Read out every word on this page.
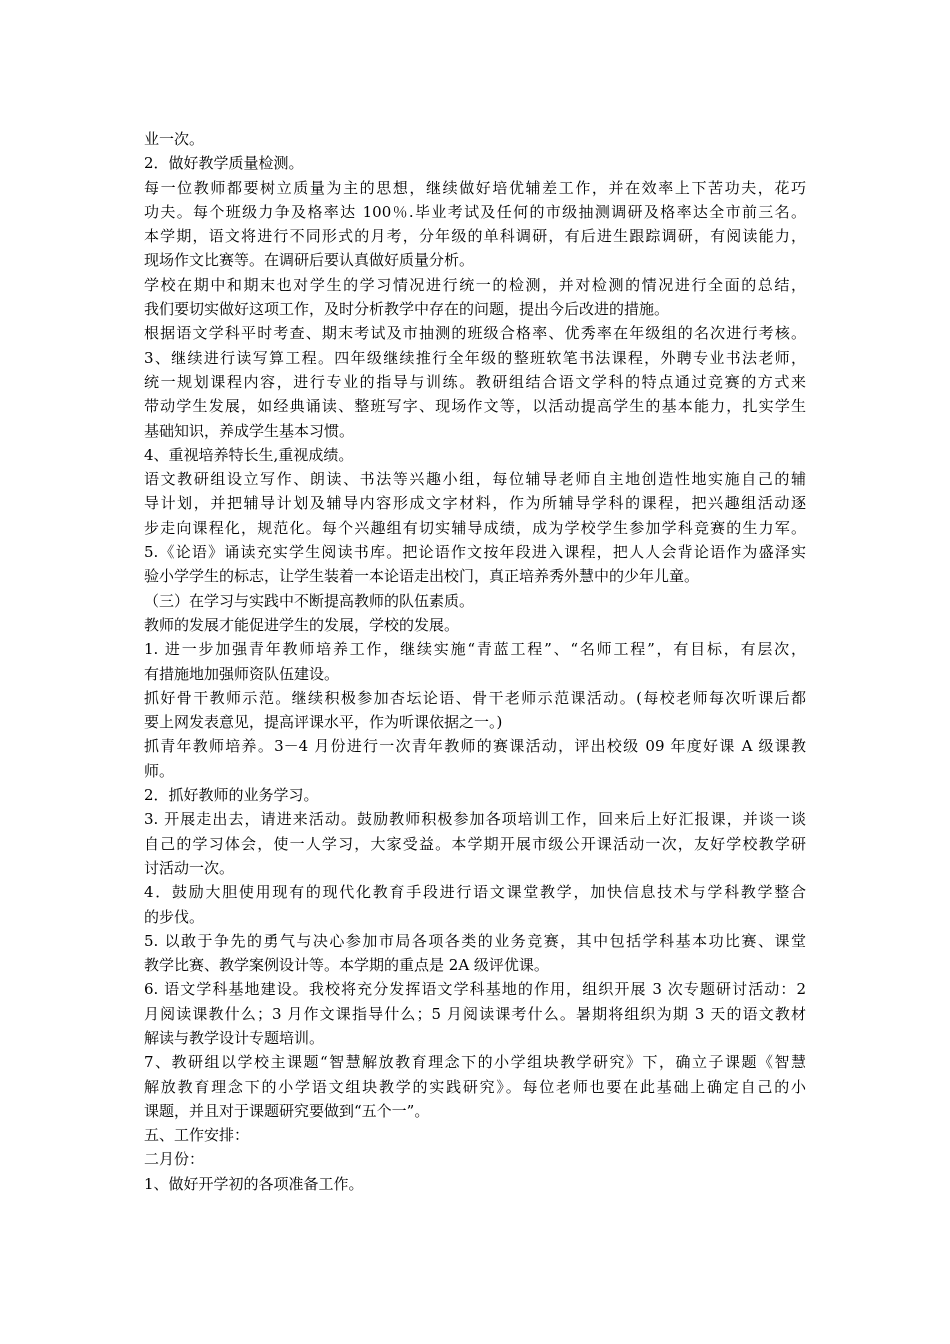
业一次。
2．做好教学质量检测。
每一位教师都要树立质量为主的思想，继续做好培优辅差工作，并在效率上下苦功夫，花巧
功夫。每个班级力争及格率达 100％.毕业考试及任何的市级抽测调研及格率达全市前三名。
本学期，语文将进行不同形式的月考，分年级的单科调研，有后进生跟踪调研，有阅读能力，
现场作文比赛等。在调研后要认真做好质量分析。
学校在期中和期末也对学生的学习情况进行统一的检测，并对检测的情况进行全面的总结，
我们要切实做好这项工作，及时分析教学中存在的问题，提出今后改进的措施。
根据语文学科平时考查、期末考试及市抽测的班级合格率、优秀率在年级组的名次进行考核。
3、继续进行读写算工程。四年级继续推行全年级的整班软笔书法课程，外聘专业书法老师，
统一规划课程内容，进行专业的指导与训练。教研组结合语文学科的特点通过竞赛的方式来
带动学生发展，如经典诵读、整班写字、现场作文等，以活动提高学生的基本能力，扎实学生
基础知识，养成学生基本习惯。
4、重视培养特长生,重视成绩。
语文教研组设立写作、朗读、书法等兴趣小组，每位辅导老师自主地创造性地实施自己的辅
导计划，并把辅导计划及辅导内容形成文字材料，作为所辅导学科的课程，把兴趣组活动逐
步走向课程化，规范化。每个兴趣组有切实辅导成绩，成为学校学生参加学科竞赛的生力军。
5.《论语》诵读充实学生阅读书库。把论语作文按年段进入课程，把人人会背论语作为盛泽实
验小学学生的标志，让学生装着一本论语走出校门，真正培养秀外慧中的少年儿童。
（三）在学习与实践中不断提高教师的队伍素质。
教师的发展才能促进学生的发展，学校的发展。
1. 进一步加强青年教师培养工作，继续实施“青蓝工程”、“名师工程”，有目标，有层次，
有措施地加强师资队伍建设。
抓好骨干教师示范。继续积极参加杏坛论语、骨干老师示范课活动。(每校老师每次听课后都
要上网发表意见，提高评课水平，作为听课依据之一。)
抓青年教师培养。3－4 月份进行一次青年教师的赛课活动，评出校级 09 年度好课 A 级课教
师。
2．抓好教师的业务学习。
3. 开展走出去，请进来活动。鼓励教师积极参加各项培训工作，回来后上好汇报课，并谈一谈
自己的学习体会，使一人学习，大家受益。本学期开展市级公开课活动一次，友好学校教学研
讨活动一次。
4．鼓励大胆使用现有的现代化教育手段进行语文课堂教学，加快信息技术与学科教学整合
的步伐。
5. 以敢于争先的勇气与决心参加市局各项各类的业务竞赛，其中包括学科基本功比赛、课堂
教学比赛、教学案例设计等。本学期的重点是 2A 级评优课。
6. 语文学科基地建设。我校将充分发挥语文学科基地的作用，组织开展 3 次专题研讨活动：2
月阅读课教什么；3 月作文课指导什么；5 月阅读课考什么。暑期将组织为期 3 天的语文教材
解读与教学设计专题培训。
7、教研组以学校主课题“智慧解放教育理念下的小学组块教学研究》下，确立子课题《智慧
解放教育理念下的小学语文组块教学的实践研究》。每位老师也要在此基础上确定自己的小
课题，并且对于课题研究要做到“五个一”。
五、工作安排：
二月份：
1、做好开学初的各项准备工作。
